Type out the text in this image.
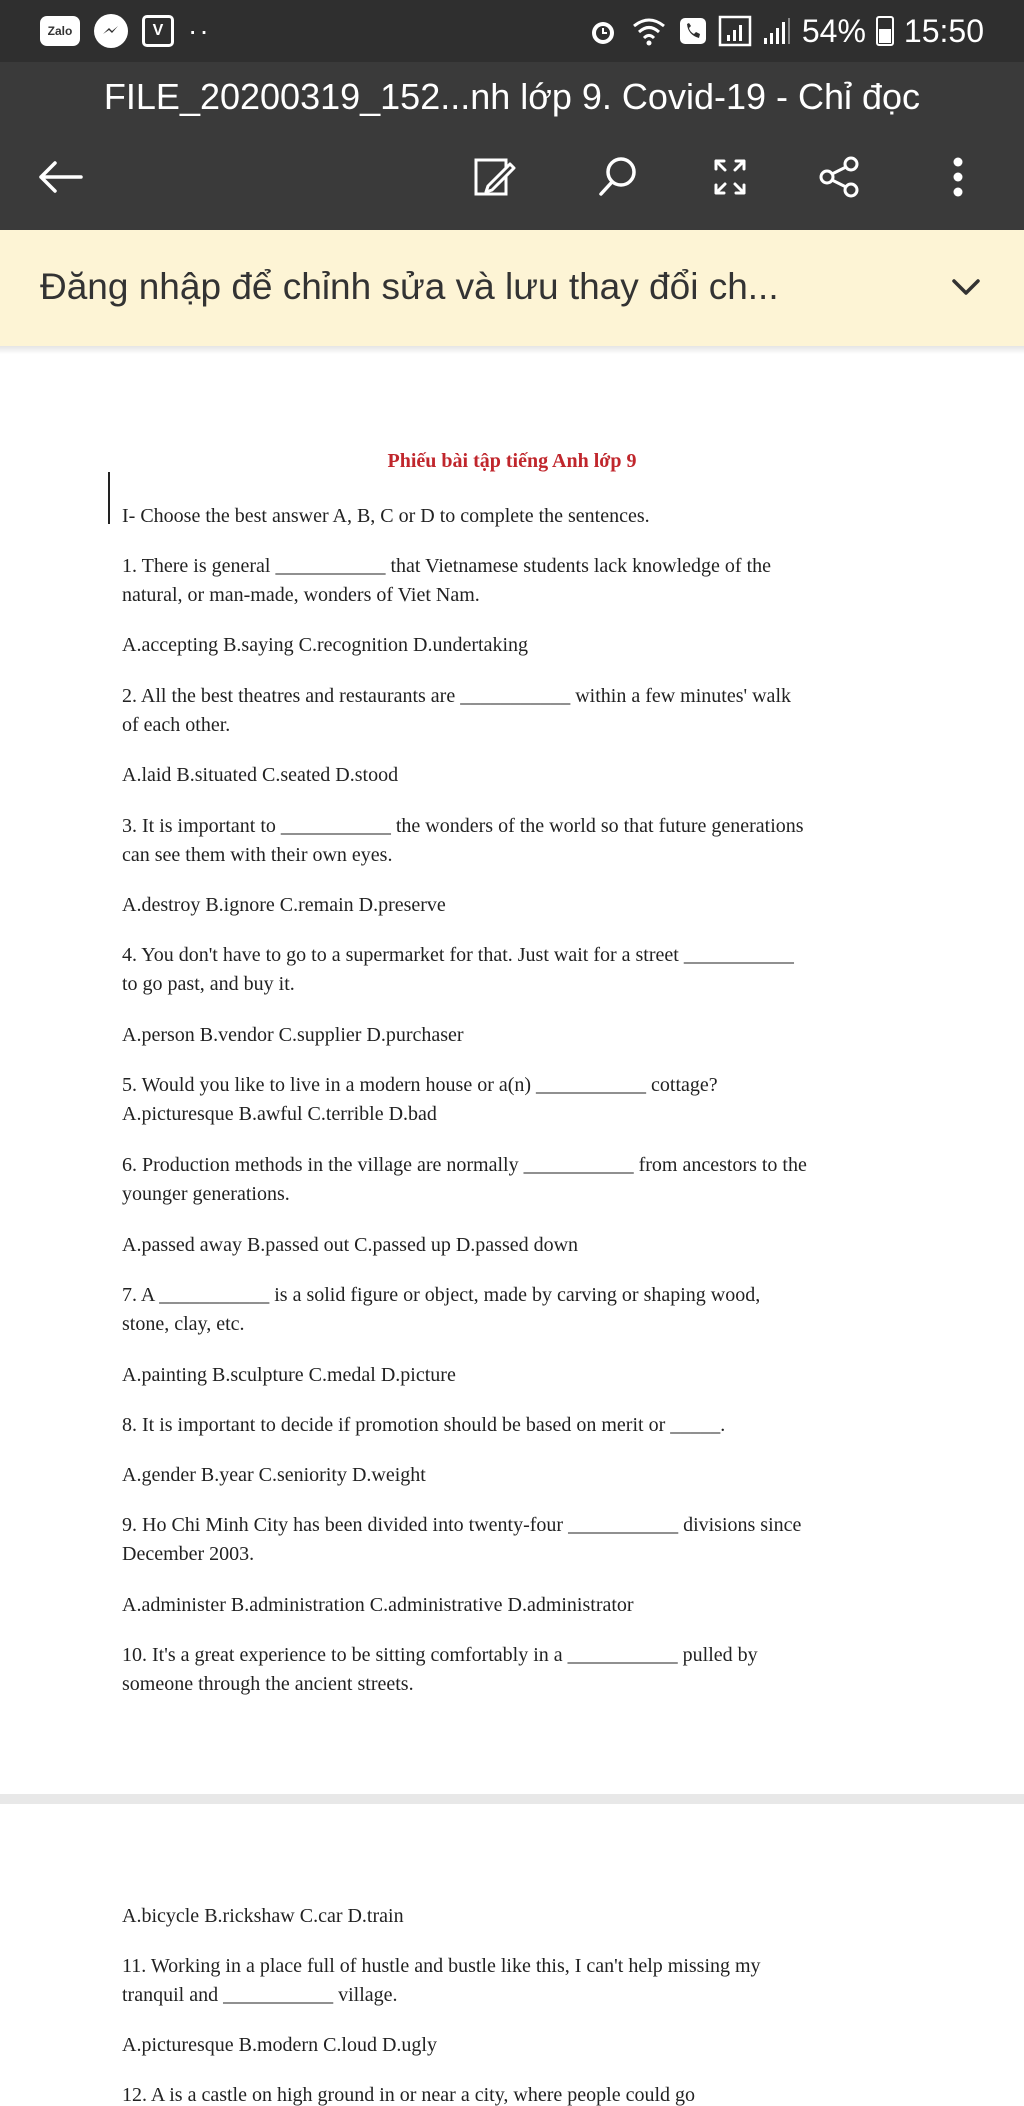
Zalo	V ··	54% 15:50
FILE_20200319_152...nh lớp 9. Covid-19 - Chỉ đọc
Đăng nhập để chỉnh sửa và lưu thay đổi ch...
Phiếu bài tập tiếng Anh lớp 9
I- Choose the best answer A, B, C or D to complete the sentences.
1. There is general ___________ that Vietnamese students lack knowledge of the
natural, or man-made, wonders of Viet Nam.
A.accepting B.saying C.recognition D.undertaking
2. All the best theatres and restaurants are ___________ within a few minutes' walk
of each other.
A.laid B.situated C.seated D.stood
3. It is important to ___________ the wonders of the world so that future generations
can see them with their own eyes.
A.destroy B.ignore C.remain D.preserve
4. You don't have to go to a supermarket for that. Just wait for a street ___________
to go past, and buy it.
A.person B.vendor C.supplier D.purchaser
5. Would you like to live in a modern house or a(n) ___________ cottage?
A.picturesque B.awful C.terrible D.bad
6. Production methods in the village are normally ___________ from ancestors to the
younger generations.
A.passed away B.passed out C.passed up D.passed down
7. A ___________ is a solid figure or object, made by carving or shaping wood,
stone, clay, etc.
A.painting B.sculpture C.medal D.picture
8. It is important to decide if promotion should be based on merit or _____.
A.gender B.year C.seniority D.weight
9. Ho Chi Minh City has been divided into twenty-four ___________ divisions since
December 2003.
A.administer B.administration C.administrative D.administrator
10. It's a great experience to be sitting comfortably in a ___________ pulled by
someone through the ancient streets.
A.bicycle B.rickshaw C.car D.train
11. Working in a place full of hustle and bustle like this, I can't help missing my
tranquil and ___________ village.
A.picturesque B.modern C.loud D.ugly
12. A is a castle on high ground in or near a city, where people could go
